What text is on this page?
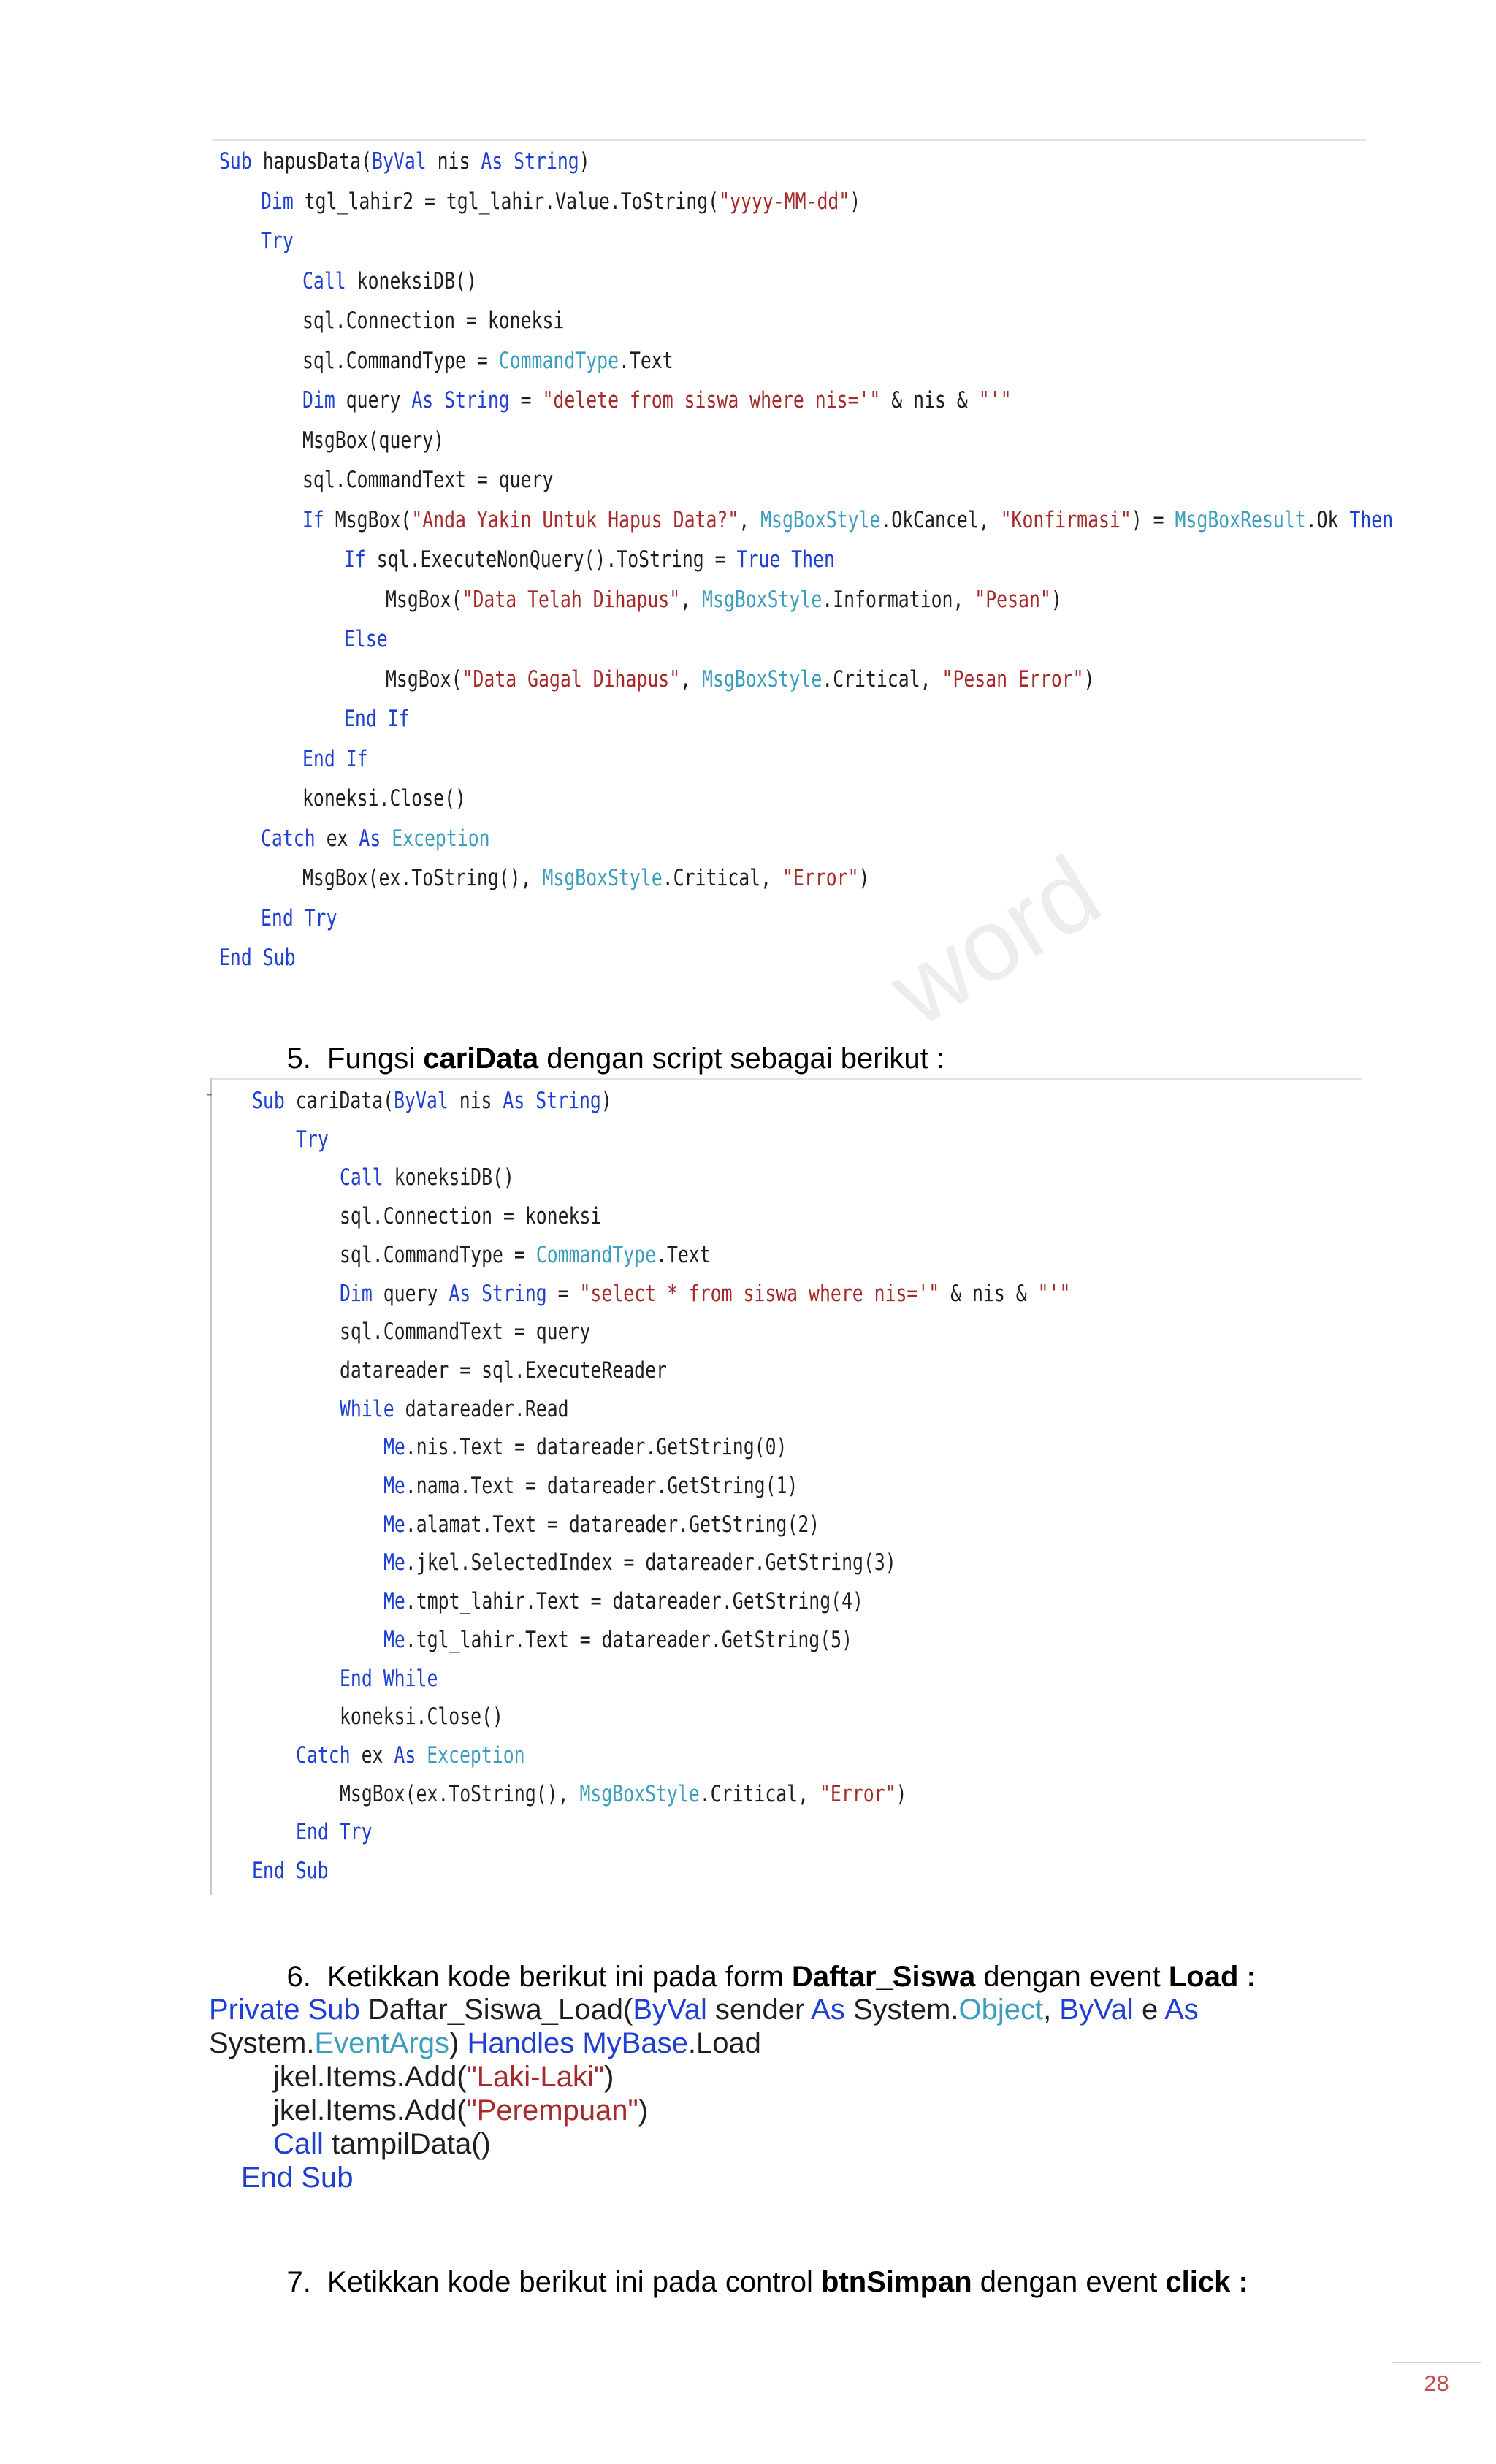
word
Sub hapusData(ByVal nis As String)
Dim tgl_lahir2 = tgl_lahir.Value.ToString("yyyy-MM-dd")
Try
Call koneksiDB()
sql.Connection = koneksi
sql.CommandType = CommandType.Text
Dim query As String = "delete from siswa where nis='" & nis & "'"
MsgBox(query)
sql.CommandText = query
If MsgBox("Anda Yakin Untuk Hapus Data?", MsgBoxStyle.OkCancel, "Konfirmasi") = MsgBoxResult.Ok Then
If sql.ExecuteNonQuery().ToString = True Then
MsgBox("Data Telah Dihapus", MsgBoxStyle.Information, "Pesan")
Else
MsgBox("Data Gagal Dihapus", MsgBoxStyle.Critical, "Pesan Error")
End If
End If
koneksi.Close()
Catch ex As Exception
MsgBox(ex.ToString(), MsgBoxStyle.Critical, "Error")
End Try
End Sub

5. Fungsi cariData dengan script sebagai berikut :

- Sub cariData(ByVal nis As String)
Try
Call koneksiDB()
sql.Connection = koneksi
sql.CommandType = CommandType.Text
Dim query As String = "select * from siswa where nis='" & nis & "'"
sql.CommandText = query
datareader = sql.ExecuteReader
While datareader.Read
Me.nis.Text = datareader.GetString(0)
Me.nama.Text = datareader.GetString(1)
Me.alamat.Text = datareader.GetString(2)
Me.jkel.SelectedIndex = datareader.GetString(3)
Me.tmpt_lahir.Text = datareader.GetString(4)
Me.tgl_lahir.Text = datareader.GetString(5)
End While
koneksi.Close()
Catch ex As Exception
MsgBox(ex.ToString(), MsgBoxStyle.Critical, "Error")
End Try
End Sub

6. Ketikkan kode berikut ini pada form Daftar_Siswa dengan event Load :

Private Sub Daftar_Siswa_Load(ByVal sender As System.Object, ByVal e As
System.EventArgs) Handles MyBase.Load
jkel.Items.Add("Laki-Laki")
jkel.Items.Add("Perempuan")
Call tampilData()
End Sub

7. Ketikkan kode berikut ini pada control btnSimpan dengan event click :

28
